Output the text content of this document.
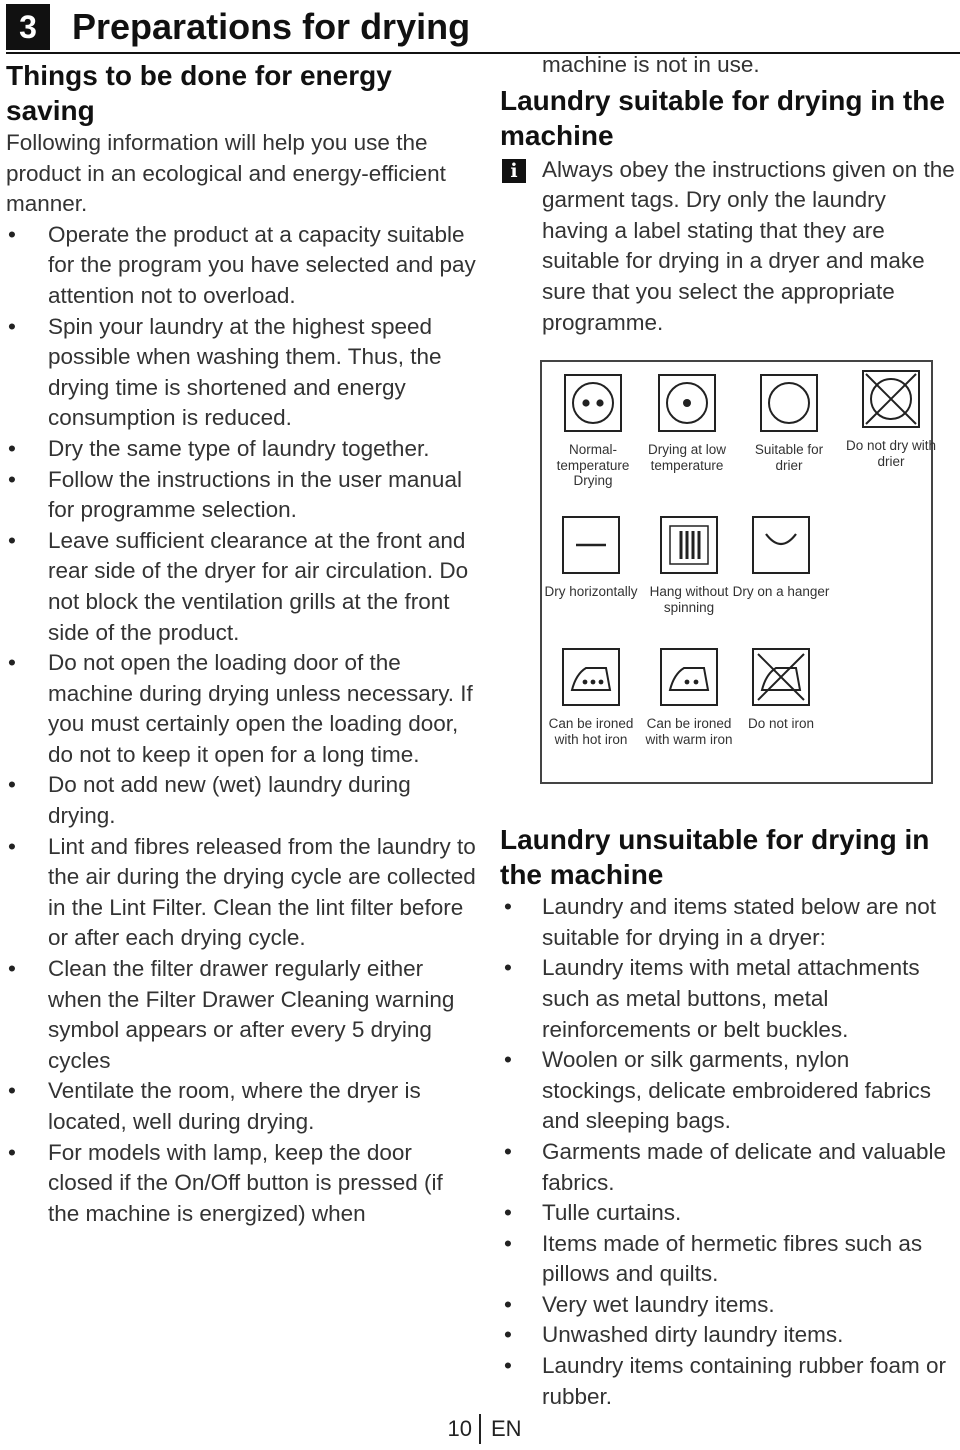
3 Preparations for drying
Things to be done for energy saving

Following information will help you use the product in an ecological and energy-efficient manner.

• Operate the product at a capacity suitable for the program you have selected and pay attention not to overload.
• Spin your laundry at the highest speed possible when washing them. Thus, the drying time is shortened and energy consumption is reduced.
• Dry the same type of laundry together.
• Follow the instructions in the user manual for programme selection.
• Leave sufficient clearance at the front and rear side of the dryer for air circulation. Do not block the ventilation grills at the front side of the product.
• Do not open the loading door of the machine during drying unless necessary. If you must certainly open the loading door, do not to keep it open for a long time.
• Do not add new (wet) laundry during drying.
• Lint and fibres released from the laundry to the air during the drying cycle are collected in the Lint Filter. Clean the lint filter before or after each drying cycle.
• Clean the filter drawer regularly either when the Filter Drawer Cleaning warning symbol appears or after every 5 drying cycles
• Ventilate the room, where the dryer is located, well during drying.
• For models with lamp, keep the door closed if the On/Off button is pressed (if the machine is energized) when

machine is not in use.

Laundry suitable for drying in the machine
i	Always obey the instructions given on the garment tags. Dry only the laundry having a label stating that they are suitable for drying in a dryer and make sure that you select the appropriate programme.

Normal- temperature Drying
Drying at low temperature
Suitable for drier
Do not dry with drier
Dry horizontally Hang without spinning
Dry on a hanger
Can be ironed with hot iron
Can be ironed with warm iron
Do not iron
Laundry unsuitable for drying in the machine
• Laundry and items stated below are not suitable for drying in a dryer:
• Laundry items with metal attachments such as metal buttons, metal reinforcements or belt buckles.
• Woolen or silk garments, nylon stockings, delicate embroidered fabrics and sleeping bags.
• Garments made of delicate and valuable fabrics.
• Tulle curtains.
• Items made of hermetic fibres such as pillows and quilts.
• Very wet laundry items.
• Unwashed dirty laundry items.
• Laundry items containing rubber foam or rubber.
10 EN
